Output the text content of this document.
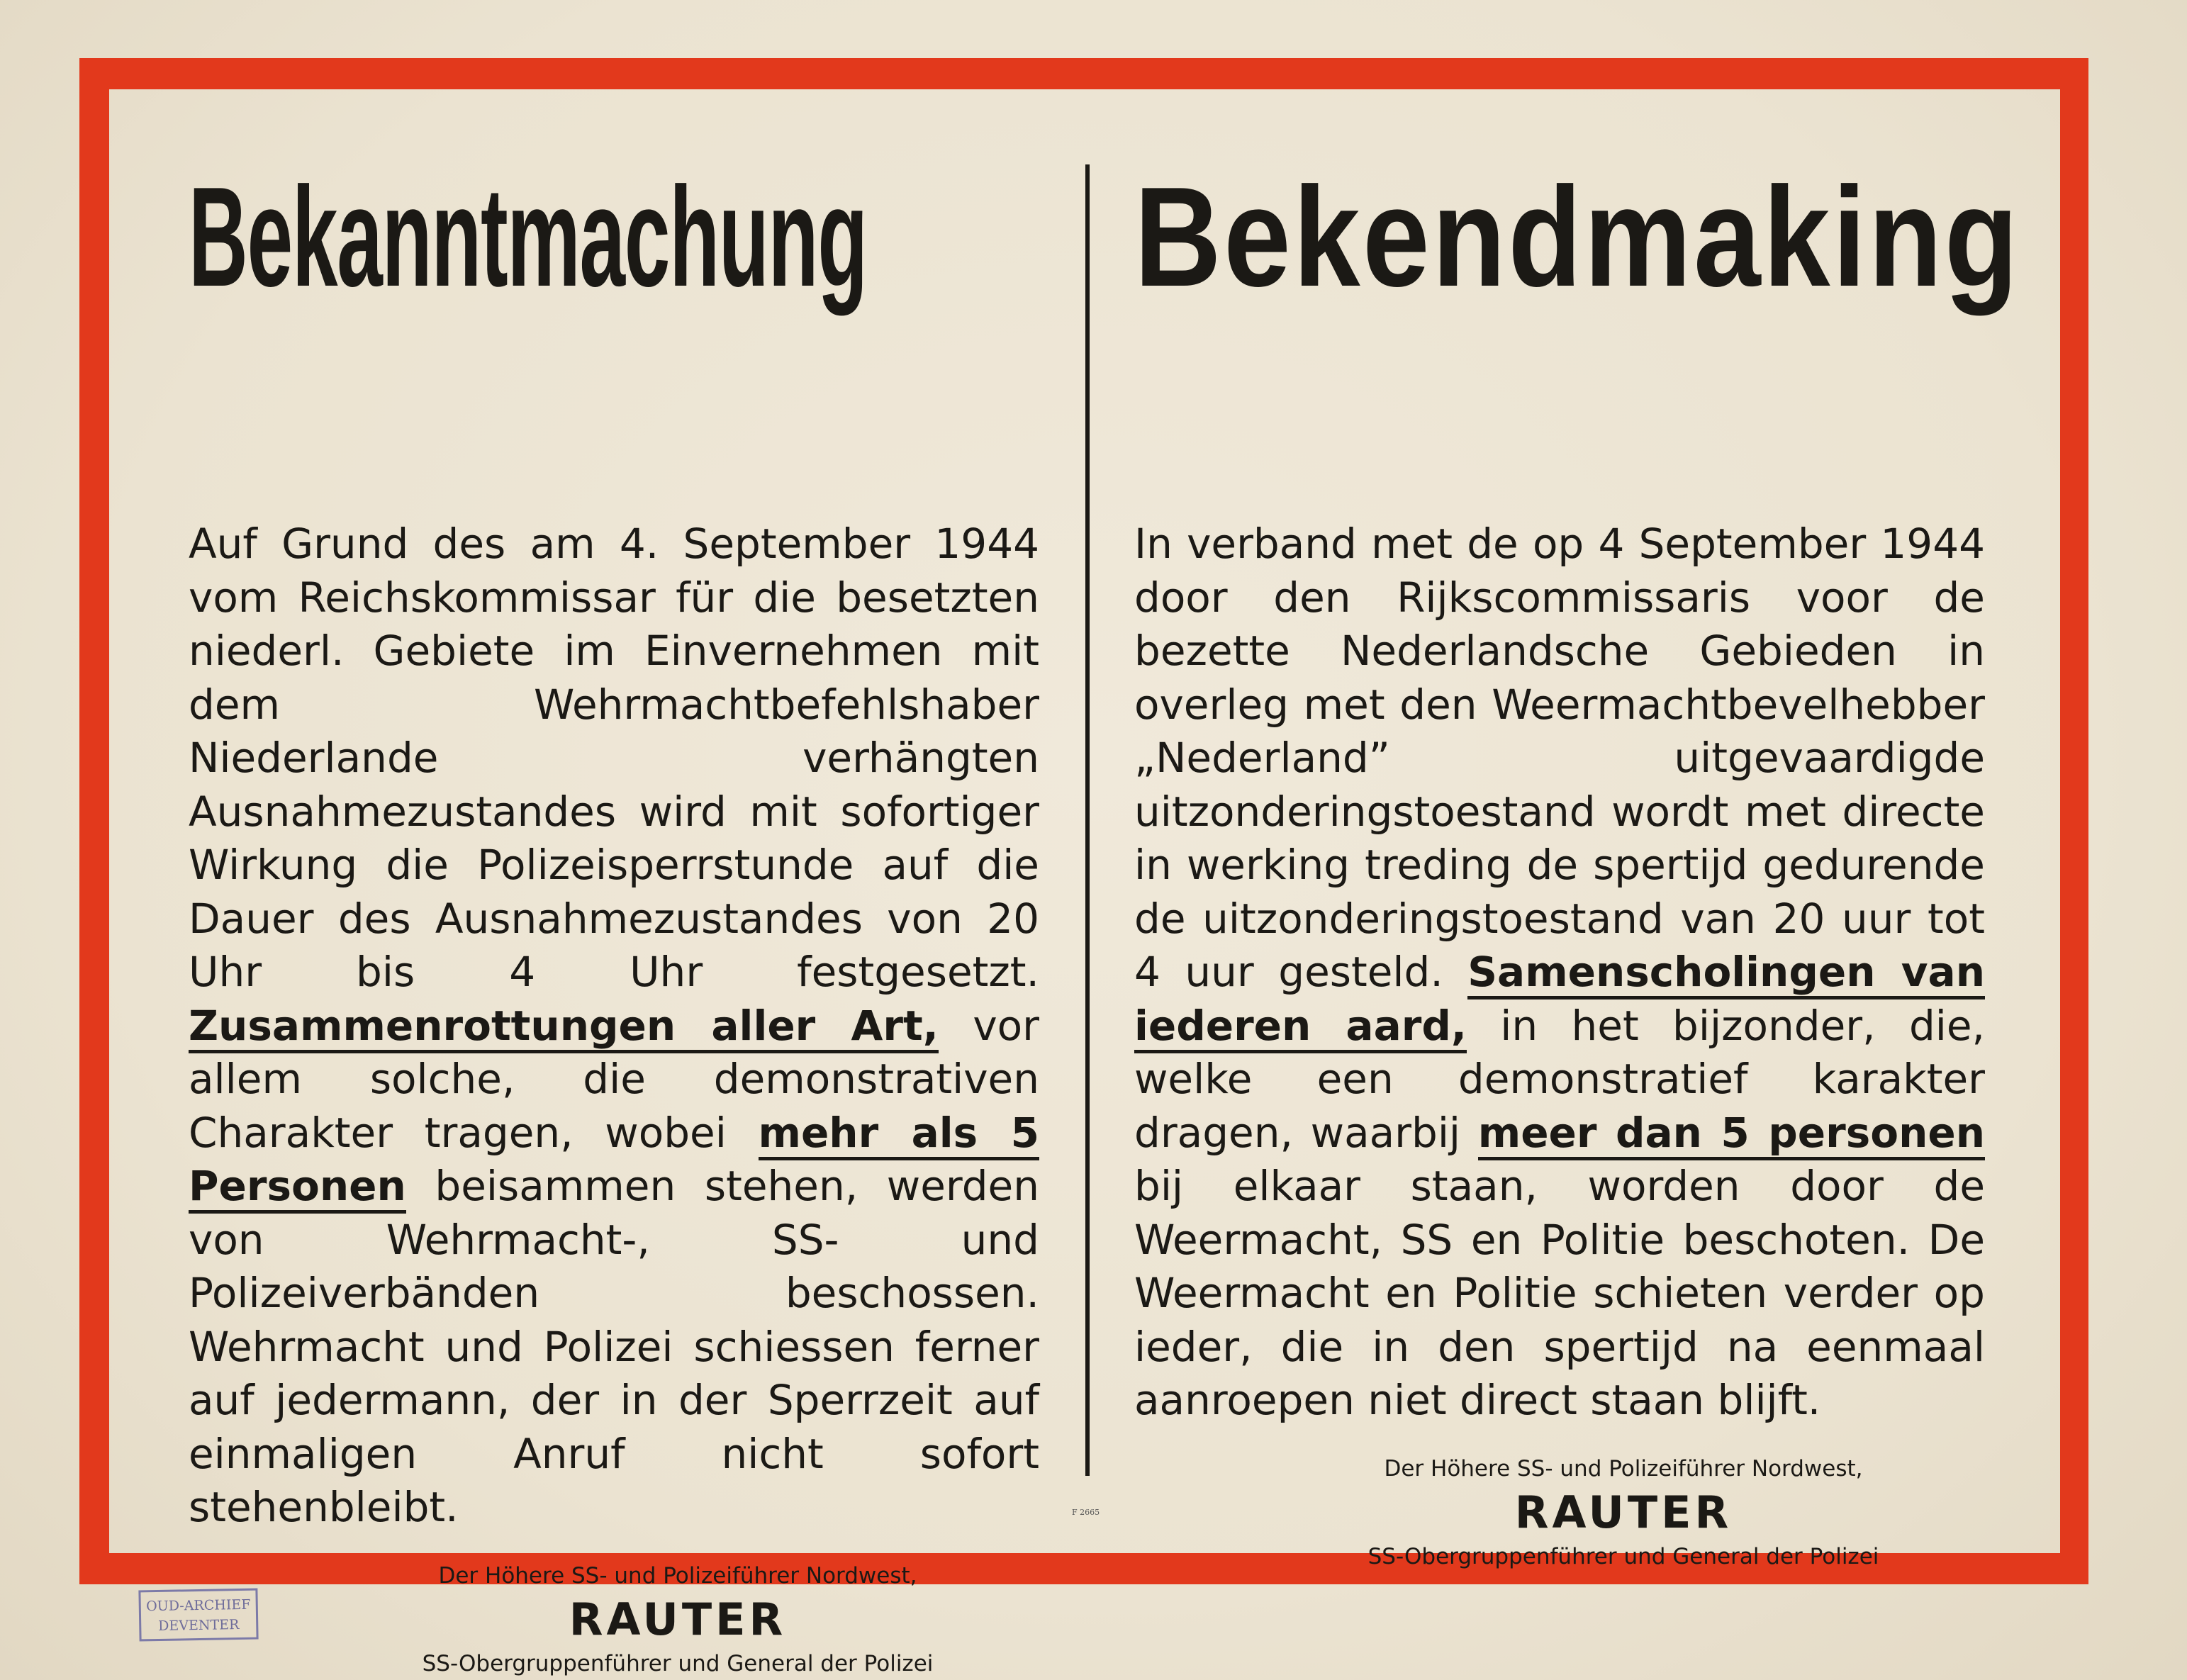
Bekanntmachung
Auf Grund des am 4. September 1944 vom Reichskommissar für die besetzten niederl. Gebiete im Einvernehmen mit dem Wehrmachtbefehlshaber Niederlande verhängten Ausnahmezustandes wird mit sofortiger Wirkung die Polizeisperrstunde auf die Dauer des Ausnahmezustandes von 20 Uhr bis 4 Uhr festgesetzt. Zusammenrottungen aller Art, vor allem solche, die demonstrativen Charakter tragen, wobei mehr als 5 Personen beisammen stehen, werden von Wehrmacht-, SS- und Polizeiverbänden beschossen. Wehrmacht und Polizei schiessen ferner auf jedermann, der in der Sperrzeit auf einmaligen Anruf nicht sofort stehenbleibt.
Der Höhere SS- und Polizeiführer Nordwest,
RAUTER
SS-Obergruppenführer und General der Polizei
Bekendmaking
In verband met de op 4 September 1944 door den Rijkscommissaris voor de bezette Nederlandsche Gebieden in overleg met den Weermachtbevelhebber „Nederland” uitgevaardigde uitzonderingstoestand wordt met directe in werking treding de spertijd gedurende de uitzonderingstoestand van 20 uur tot 4 uur gesteld. Samenscholingen van iederen aard, in het bijzonder, die, welke een demonstratief karakter dragen, waarbij meer dan 5 personen bij elkaar staan, worden door de Weermacht, SS en Politie beschoten. De Weermacht en Politie schieten verder op ieder, die in den spertijd na eenmaal aanroepen niet direct staan blijft.
Der Höhere SS- und Polizeiführer Nordwest,
RAUTER
SS-Obergruppenführer und General der Polizei
F 2665
OUD-ARCHIEF
DEVENTER
